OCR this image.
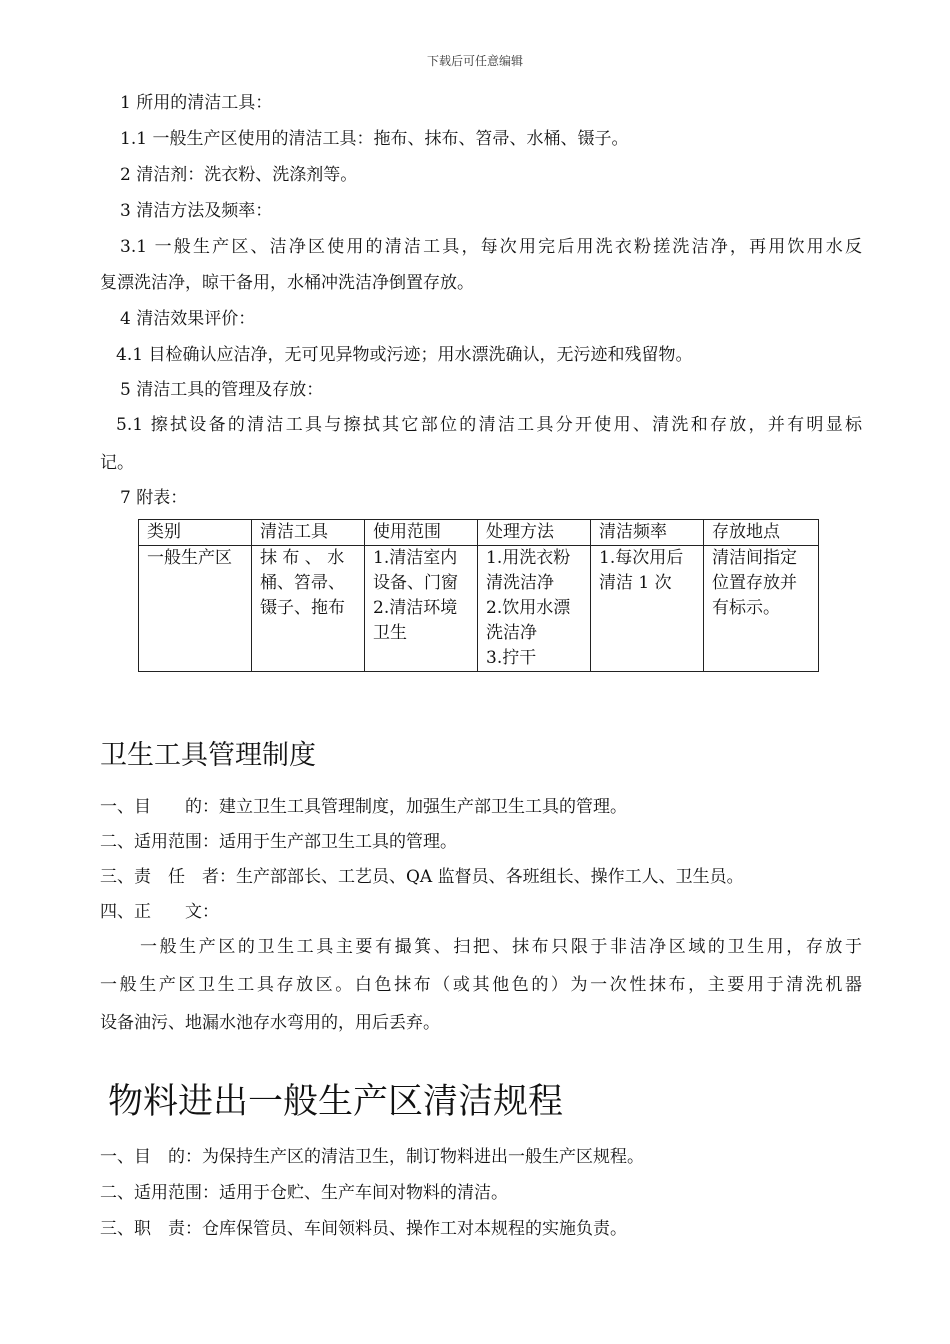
下载后可任意编辑
1 所用的清洁工具：
1.1 一般生产区使用的清洁工具：拖布、抹布、笤帚、水桶、镊子。
2 清洁剂：洗衣粉、洗涤剂等。
3 清洁方法及频率：
3.1 一般生产区、洁净区使用的清洁工具，每次用完后用洗衣粉搓洗洁净，再用饮用水反
复漂洗洁净，晾干备用，水桶冲洗洁净倒置存放。
4 清洁效果评价：
4.1 目检确认应洁净，无可见异物或污迹；用水漂洗确认，无污迹和残留物。
5 清洁工具的管理及存放：
5.1 擦拭设备的清洁工具与擦拭其它部位的清洁工具分开使用、清洗和存放，并有明显标
记。
7 附表：
类别	清洁工具	使用范围	处理方法	清洁频率	存放地点

一般生产区	抹 布 、 水
桶、笤帚、
镊子、拖布	1.清洁室内
设备、门窗
2.清洁环境
卫生	1.用洗衣粉
清洗洁净
2.饮用水漂
洗洁净
3.拧干	1.每次用后
清洁 1 次	清洁间指定
位置存放并
有标示。
卫生工具管理制度
一、目　　的：建立卫生工具管理制度，加强生产部卫生工具的管理。
二、适用范围：适用于生产部卫生工具的管理。
三、责　任　者：生产部部长、工艺员、QA 监督员、各班组长、操作工人、卫生员。
四、正　　文：
一般生产区的卫生工具主要有撮箕、扫把、抹布只限于非洁净区域的卫生用，存放于
一般生产区卫生工具存放区。白色抹布（或其他色的）为一次性抹布，主要用于清洗机器
设备油污、地漏水池存水弯用的，用后丢弃。
物料进出一般生产区清洁规程
一、目　的：为保持生产区的清洁卫生，制订物料进出一般生产区规程。
二、适用范围：适用于仓贮、生产车间对物料的清洁。
三、职　责：仓库保管员、车间领料员、操作工对本规程的实施负责。
